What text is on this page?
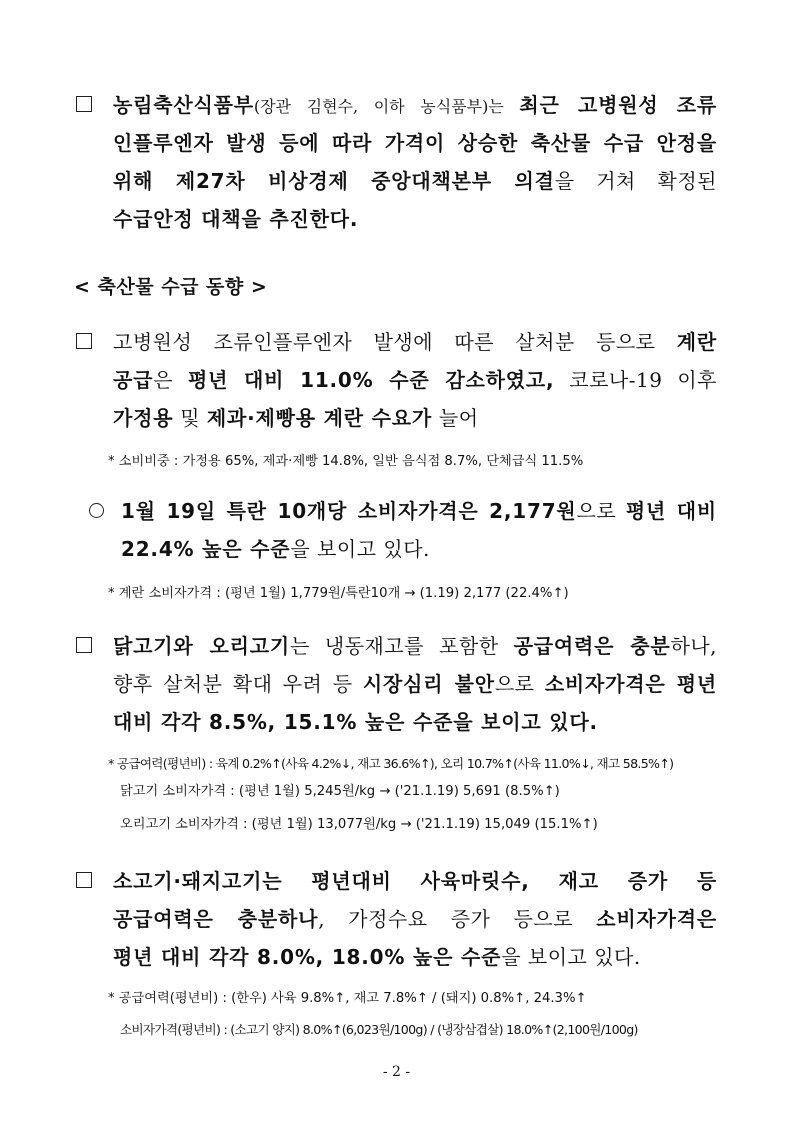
농림축산식품부(장관 김현수, 이하 농식품부)는 최근 고병원성 조류
인플루엔자 발생 등에 따라 가격이 상승한 축산물 수급 안정을
위해 제27차 비상경제 중앙대책본부 의결을 거쳐 확정된
수급안정 대책을 추진한다.
< 축산물 수급 동향 >
고병원성 조류인플루엔자 발생에 따른 살처분 등으로 계란
공급은 평년 대비 11.0% 수준 감소하였고, 코로나-19 이후
가정용 및 제과·제빵용 계란 수요가 늘어
* 소비비중 : 가정용 65%, 제과·제빵 14.8%, 일반 음식점 8.7%, 단체급식 11.5%
1월 19일 특란 10개당 소비자가격은 2,177원으로 평년 대비
22.4% 높은 수준을 보이고 있다.
* 계란 소비자가격 : (평년 1월) 1,779원/특란10개 → (1.19) 2,177 (22.4%↑)
닭고기와 오리고기는 냉동재고를 포함한 공급여력은 충분하나,
향후 살처분 확대 우려 등 시장심리 불안으로 소비자가격은 평년
대비 각각 8.5%, 15.1% 높은 수준을 보이고 있다.
* 공급여력(평년비) : 육계 0.2%↑(사육 4.2%↓, 재고 36.6%↑), 오리 10.7%↑(사육 11.0%↓, 재고 58.5%↑)
닭고기 소비자가격 : (평년 1월) 5,245원/kg → ('21.1.19) 5,691 (8.5%↑)
오리고기 소비자가격 : (평년 1월) 13,077원/kg → ('21.1.19) 15,049 (15.1%↑)
소고기·돼지고기는 평년대비 사육마릿수, 재고 증가 등
공급여력은 충분하나, 가정수요 증가 등으로 소비자가격은
평년 대비 각각 8.0%, 18.0% 높은 수준을 보이고 있다.
* 공급여력(평년비) : (한우) 사육 9.8%↑, 재고 7.8%↑ / (돼지) 0.8%↑, 24.3%↑
소비자가격(평년비) : (소고기 양지) 8.0%↑(6,023원/100g) / (냉장삼겹살) 18.0%↑(2,100원/100g)
- 2 -
